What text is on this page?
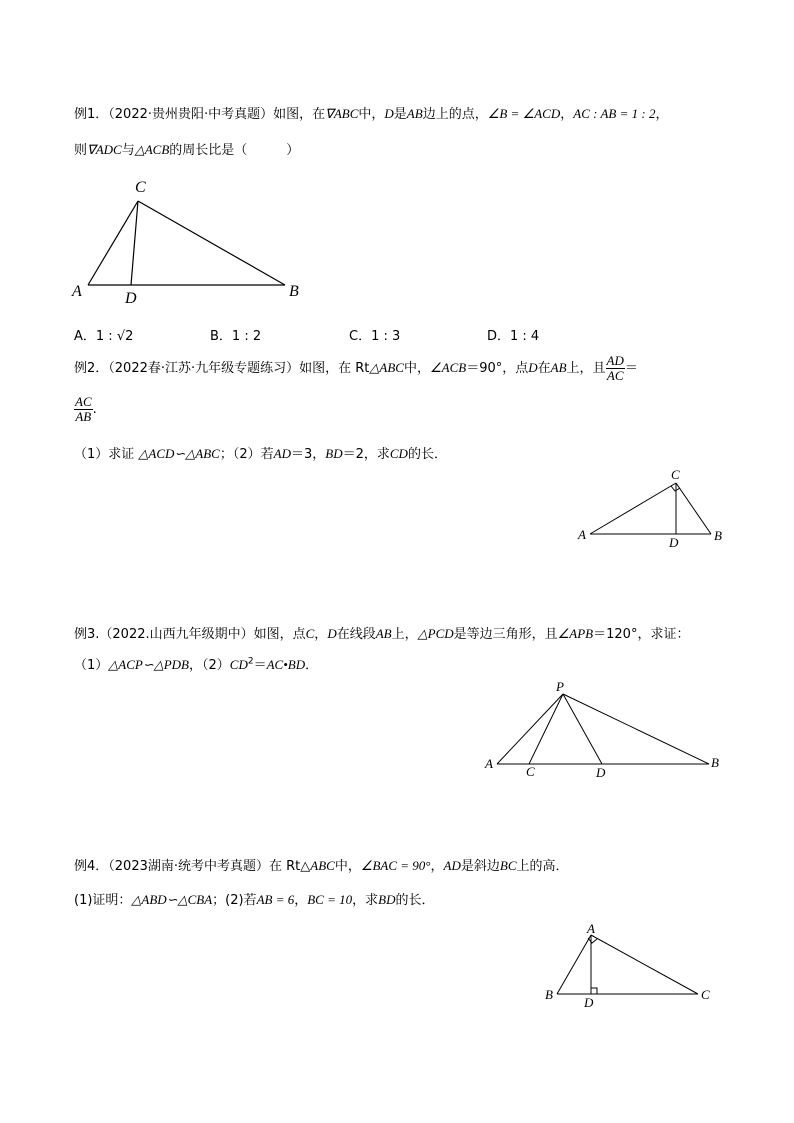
例1．（2022·贵州贵阳·中考真题）如图，在∇ABC中，D是AB边上的点，∠B = ∠ACD，AC : AB = 1 : 2，
则∇ADC与△ACB的周长比是（　　　）
C
A	D	B
A．1 : √2	B．1 : 2	C．1 : 3	D．1 : 4
例2．（2022春·江苏·九年级专题练习）如图，在 Rt△ABC中，∠ACB＝90°，点D在AB上，且 $\frac{AD}{AC}$ ＝
$\frac{AC}{AB}$ .
（1）求证 △ACD∽△ABC；（2）若AD＝3，BD＝2，求CD的长．
C
A
D	B
例3.（2022.山西九年级期中）如图，点C，D在线段AB上，△PCD是等边三角形，且∠APB＝120°，求证：
（1）△ACP∽△PDB，$(2)CD^2=AC•BD$．
P
A
C	D
B
例4．（2023湖南·统考中考真题）在 Rt△ABC中，∠BAC = 90°，AD是斜边BC上的高．
(1)证明：△ABD∽△CBA；(2)若AB = 6，BC = 10，求BD的长．
A
B
D
C
